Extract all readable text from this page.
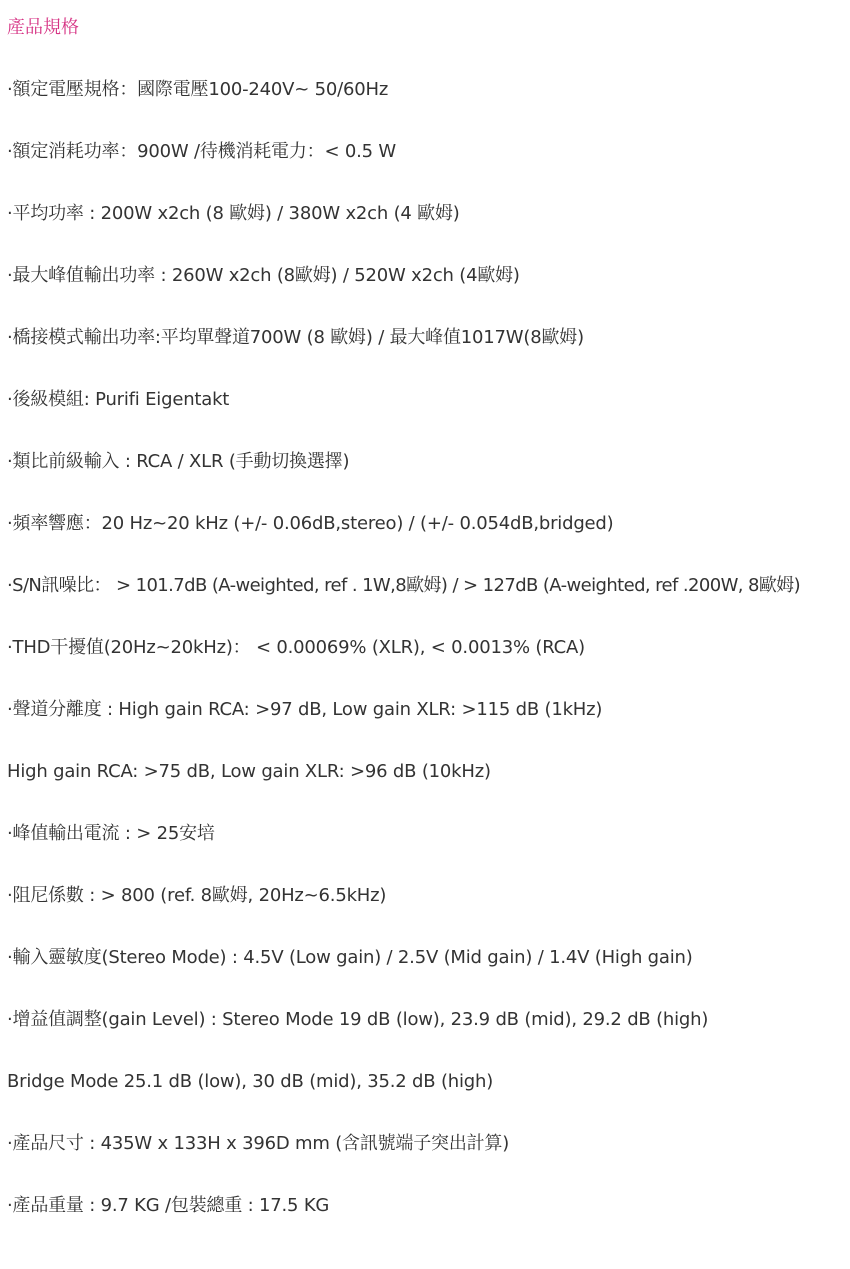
產品規格
·額定電壓規格：國際電壓100-240V~ 50/60Hz
·額定消耗功率：900W /待機消耗電力：< 0.5 W
·平均功率 : 200W x2ch (8 歐姆) / 380W x2ch (4 歐姆)
·最大峰值輸出功率 : 260W x2ch (8歐姆) / 520W x2ch (4歐姆)
·橋接模式輸出功率:平均單聲道700W (8 歐姆) / 最大峰值1017W(8歐姆)
·後級模組: Purifi Eigentakt
·類比前級輸入 : RCA / XLR (手動切換選擇)
·頻率響應：20 Hz~20 kHz (+/- 0.06dB,stereo) / (+/- 0.054dB,bridged)
·S/N訊噪比： > 101.7dB (A-weighted, ref . 1W,8歐姆) / > 127dB (A-weighted, ref .200W, 8歐姆)
·THD干擾值(20Hz~20kHz)： < 0.00069% (XLR), < 0.0013% (RCA)
·聲道分離度 : High gain RCA: >97 dB, Low gain XLR: >115 dB (1kHz)
High gain RCA: >75 dB, Low gain XLR: >96 dB (10kHz)
·峰值輸出電流 : > 25安培
·阻尼係數 : > 800 (ref. 8歐姆, 20Hz~6.5kHz)
·輸入靈敏度(Stereo Mode) : 4.5V (Low gain) / 2.5V (Mid gain) / 1.4V (High gain)
·增益值調整(gain Level) : Stereo Mode 19 dB (low), 23.9 dB (mid), 29.2 dB (high)
Bridge Mode 25.1 dB (low), 30 dB (mid), 35.2 dB (high)
·產品尺寸 : 435W x 133H x 396D mm (含訊號端子突出計算)
·產品重量 : 9.7 KG /包裝總重 : 17.5 KG
